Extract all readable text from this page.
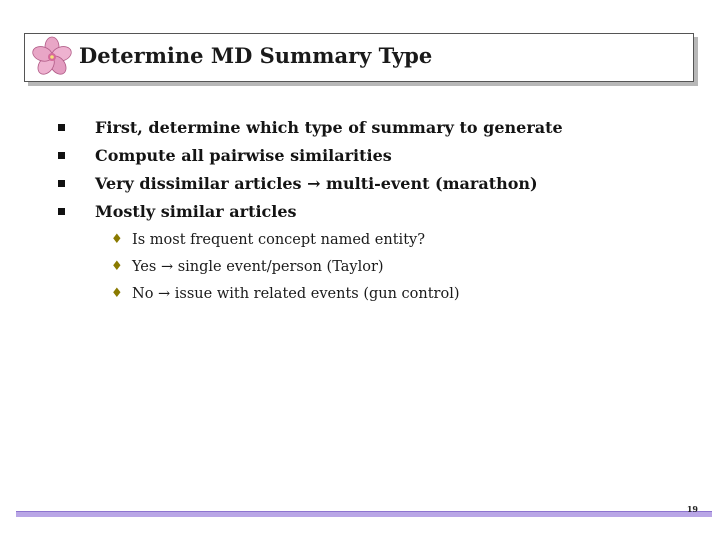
Determine MD Summary Type
First, determine which type of summary to generate
Compute all pairwise similarities
Very dissimilar articles → multi-event (marathon)
Mostly similar articles
♦ Is most frequent concept named entity?
♦ Yes → single event/person (Taylor)
♦ No → issue with related events (gun control)
19
